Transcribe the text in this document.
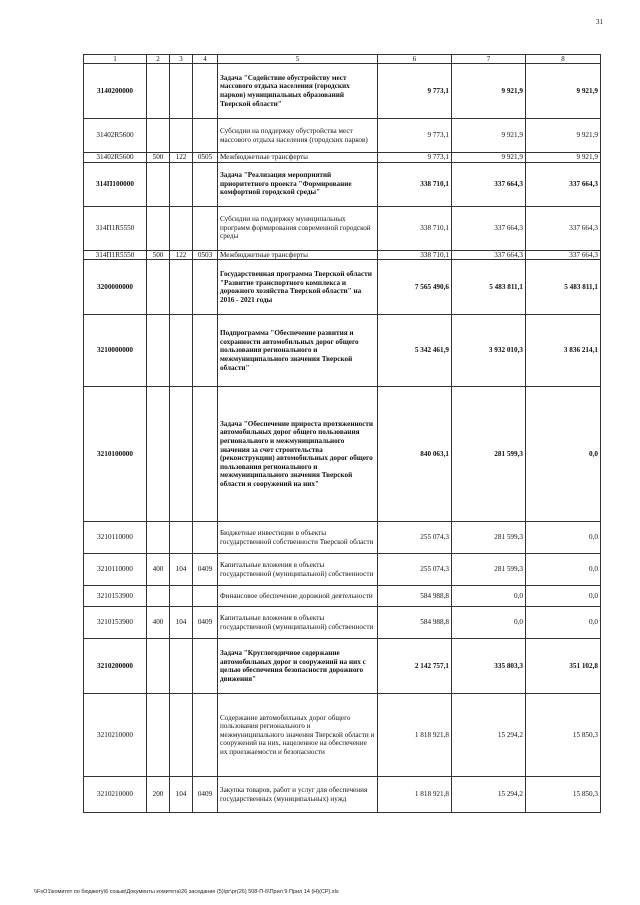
31
1	2	3	4	5	6	7	8
3140200000				Задача "Содействие обустройству мест массового отдыха населения (городских парков) муниципальных образований Тверской области"	9 773,1	9 921,9	9 921,9
31402R5600				Субсидии на поддержку обустройства мест массового отдыха населения (городских парков)	9 773,1	9 921,9	9 921,9
31402R5600	500	122	0505	Межбюджетные трансферты	9 773,1	9 921,9	9 921,9
314П100000				Задача "Реализация мероприятий приоритетного проекта "Формирование комфортной городской среды"	338 710,1	337 664,3	337 664,3
314П1R5550				Субсидии на поддержку муниципальных программ формирования современной городской среды	338 710,1	337 664,3	337 664,3
314П1R5550	500	122	0503	Межбюджетные трансферты	338 710,1	337 664,3	337 664,3
3200000000				Государственная программа Тверской области "Развитие транспортного комплекса и дорожного хозяйства Тверской области" на 2016 - 2021 годы	7 565 490,6	5 483 811,1	5 483 811,1
3210000000				Подпрограмма "Обеспечение развития и сохранности автомобильных дорог общего пользования регионального и межмуниципального значения Тверской области"	5 342 461,9	3 932 010,3	3 836 214,1
3210100000				Задача "Обеспечение прироста протяженности автомобильных дорог общего пользования регионального и межмуниципального значения за счет строительства (реконструкции) автомобильных дорог общего пользования регионального и межмуниципального значения Тверской области и сооружений на них"	840 063,1	281 599,3	0,0
3210110000				Бюджетные инвестиции в объекты государственной собственности Тверской области	255 074,3	281 599,3	0,0
3210110000	400	104	0409	Капитальные вложения в объекты государственной (муниципальной) собственности	255 074,3	281 599,3	0,0
3210153900				Финансовое обеспечение дорожной деятельности	584 988,8	0,0	0,0
3210153900	400	104	0409	Капитальные вложения в объекты государственной (муниципальной) собственности	584 988,8	0,0	0,0
3210200000				Задача "Круглогодичное содержание автомобильных дорог и сооружений на них с целью обеспечения безопасности дорожного движения"	2 142 757,1	335 803,3	351 102,8
3210210000				Содержание автомобильных дорог общего пользования регионального и межмуниципального значения Тверской области и сооружений на них, нацеленное на обеспечение их проезжаемости и безопасности	1 818 921,8	15 294,2	15 850,3
3210210000	200	104	0409	Закупка товаров, работ и услуг для обеспечения государственных (муниципальных) нужд	1 818 921,8	15 294,2	15 850,3
\\FsO1\комитет по бюджету\6 созыв\Документы комитета\26 заседание (5)\рг\рг(26) 508-П-6\Прил 9 Прил 14 (Н)(СР).xls
